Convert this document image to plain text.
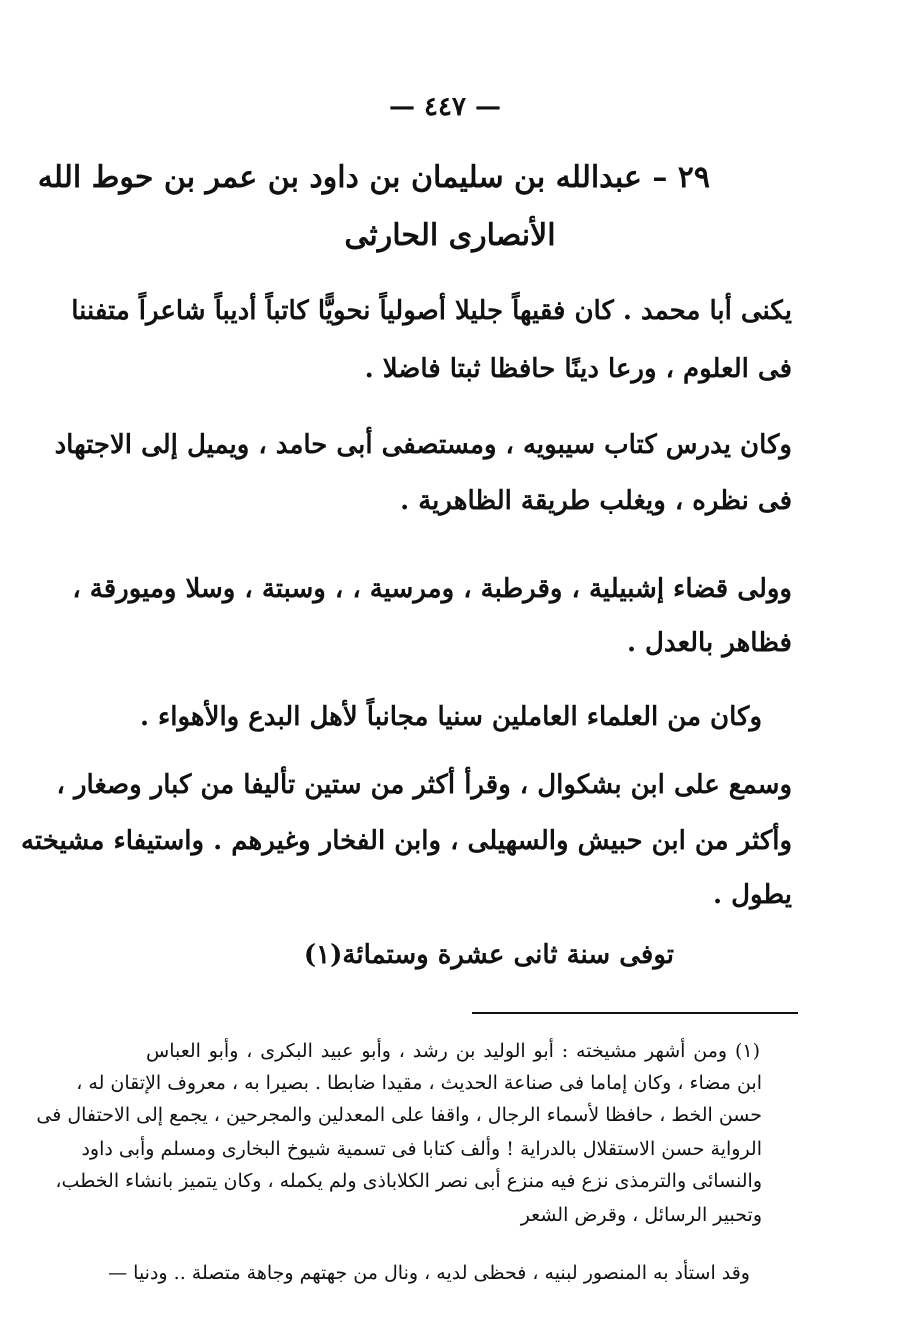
— ٤٤٧ —
٢٩ – عبدالله بن سليمان بن داود بن عمر بن حوط الله
الأنصارى الحارثى
يكنى أبا محمد . كان فقيهاً جليلا أصولياً نحويًّا كاتباً أديباً شاعراً متفننا
فى العلوم ، ورعا دينًا حافظا ثبتا فاضلا .
وكان يدرس كتاب سيبويه ، ومستصفى أبى حامد ، ويميل إلى الاجتهاد
فى نظره ، ويغلب طريقة الظاهرية .
وولى قضاء إشبيلية ، وقرطبة ، ومرسية ، ، وسبتة ، وسلا وميورقة ،
فظاهر بالعدل .
وكان من العلماء العاملين سنيا مجانباً لأهل البدع والأهواء .
وسمع على ابن بشكوال ، وقرأ أكثر من ستين تأليفا من كبار وصغار ،
وأكثر من ابن حبيش والسهيلى ، وابن الفخار وغيرهم . واستيفاء مشيخته
يطول .
توفى سنة ثانى عشرة وستمائة(١)
(١) ومن أشهر مشيخته : أبو الوليد بن رشد ، وأبو عبيد البكرى ، وأبو العباس
ابن مضاء ، وكان إماما فى صناعة الحديث ، مقيدا ضابطا . بصيرا به ، معروف الإتقان له ،
حسن الخط ، حافظا لأسماء الرجال ، واقفا على المعدلين والمجرحين ، يجمع إلى الاحتفال فى
الرواية حسن الاستقلال بالدراية ! وألف كتابا فى تسمية شيوخ البخارى ومسلم وأبى داود
والنسائى والترمذى نزع فيه منزع أبى نصر الكلاباذى ولم يكمله ، وكان يتميز بانشاء الخطب،
وتحبير الرسائل ، وقرض الشعر
وقد استأد به المنصور لبنيه ، فحظى لديه ، ونال من جهتهم وجاهة متصلة .. ودنيا —
